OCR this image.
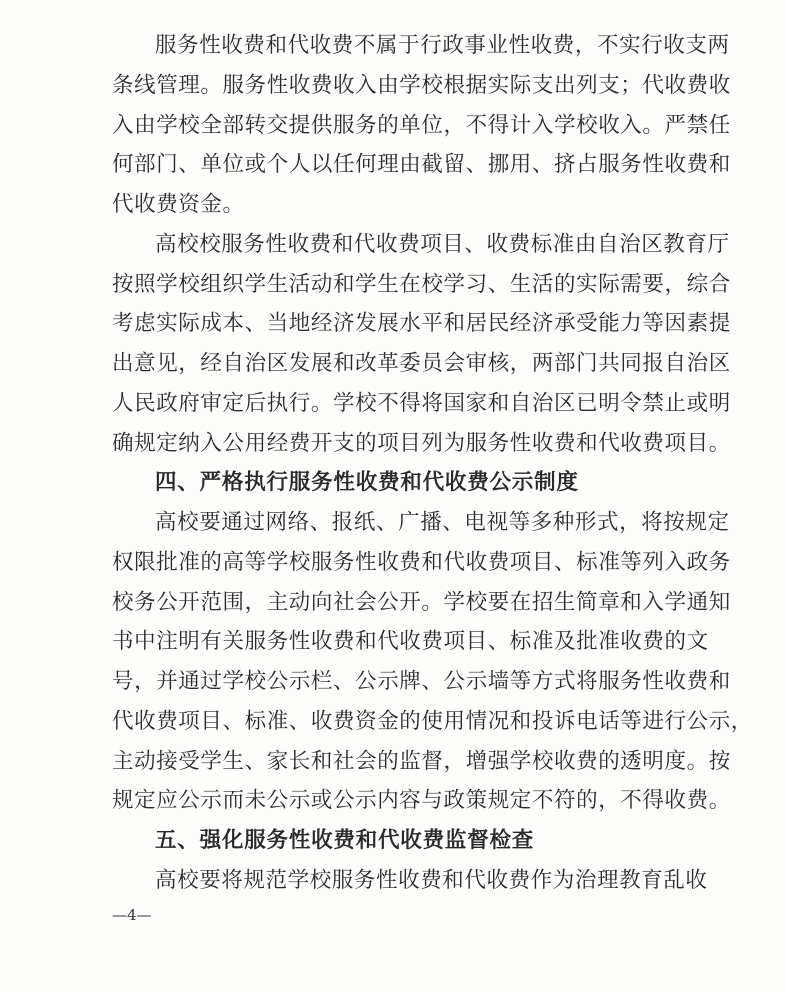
服务性收费和代收费不属于行政事业性收费，不实行收支两
条线管理。服务性收费收入由学校根据实际支出列支；代收费收
入由学校全部转交提供服务的单位，不得计入学校收入。严禁任
何部门、单位或个人以任何理由截留、挪用、挤占服务性收费和
代收费资金。
高校校服务性收费和代收费项目、收费标准由自治区教育厅
按照学校组织学生活动和学生在校学习、生活的实际需要，综合
考虑实际成本、当地经济发展水平和居民经济承受能力等因素提
出意见，经自治区发展和改革委员会审核，两部门共同报自治区
人民政府审定后执行。学校不得将国家和自治区已明令禁止或明
确规定纳入公用经费开支的项目列为服务性收费和代收费项目。
四、严格执行服务性收费和代收费公示制度
高校要通过网络、报纸、广播、电视等多种形式，将按规定
权限批准的高等学校服务性收费和代收费项目、标准等列入政务
校务公开范围，主动向社会公开。学校要在招生简章和入学通知
书中注明有关服务性收费和代收费项目、标准及批准收费的文
号，并通过学校公示栏、公示牌、公示墙等方式将服务性收费和
代收费项目、标准、收费资金的使用情况和投诉电话等进行公示，
主动接受学生、家长和社会的监督，增强学校收费的透明度。按
规定应公示而未公示或公示内容与政策规定不符的，不得收费。
五、强化服务性收费和代收费监督检查
高校要将规范学校服务性收费和代收费作为治理教育乱收
—4—
